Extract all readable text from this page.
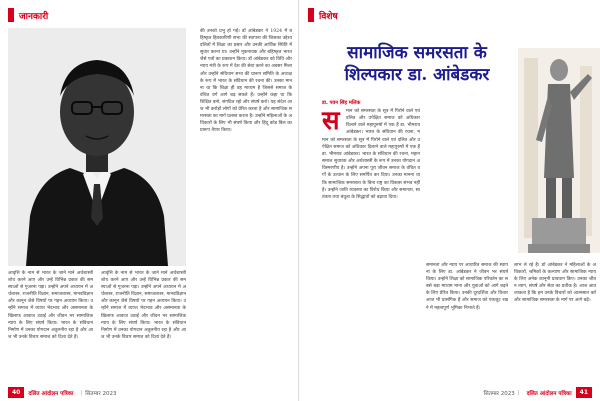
जानकारी
आवृत्ति के नाम से भारत के जाने माने अर्थशास्त्री शोध करने आए और उन्हें विभिन्न प्रकार की समस्याओं से गुजरना पड़ा। उन्होंने अपने अध्ययन में अर्थशास्त्र, राजनीति विज्ञान, समाजशास्त्र, मानवविज्ञान और कानून जैसे विषयों पर गहन अध्ययन किया। उन्होंने समाज में व्याप्त भेदभाव और असमानता के खिलाफ आवाज उठाई और जीवन भर सामाजिक न्याय के लिए संघर्ष किया। भारत के संविधान निर्माण में उनका योगदान अतुलनीय रहा है और आज भी उनके विचार समाज को दिशा देते हैं।
आवृत्ति के नाम से भारत के जाने माने अर्थशास्त्री शोध करने आए और उन्हें विभिन्न प्रकार की समस्याओं से गुजरना पड़ा। उन्होंने अपने अध्ययन में अर्थशास्त्र, राजनीति विज्ञान, समाजशास्त्र, मानवविज्ञान और कानून जैसे विषयों पर गहन अध्ययन किया। उन्होंने समाज में व्याप्त भेदभाव और असमानता के खिलाफ आवाज उठाई और जीवन भर सामाजिक न्याय के लिए संघर्ष किया। भारत के संविधान निर्माण में उनका योगदान अतुलनीय रहा है और आज भी उनके विचार समाज को दिशा देते हैं।
की उनको प्रभु हो गई। डॉ आंबेडकर ने 1924 में बहिष्कृत हितकारिणी सभा की स्थापना की जिसका उद्देश्य दलितों में शिक्षा का प्रसार और उनकी आर्थिक स्थिति में सुधार करना था। उन्होंने मूकनायक और बहिष्कृत भारत जैसे पत्रों का प्रकाशन किया। डॉ आंबेडकर को विधि और न्याय मंत्री के रूप में देश की सेवा करने का अवसर मिला और उन्होंने संविधान सभा की प्रारूप समिति के अध्यक्ष के रूप में भारत के संविधान की रचना की। उनका मानना था कि शिक्षा ही वह माध्यम है जिससे समाज के वंचित वर्ग आगे बढ़ सकते हैं। उन्होंने कहा था कि शिक्षित बनो, संगठित रहो और संघर्ष करो। यह संदेश आज भी करोड़ों लोगों को प्रेरित करता है और सामाजिक समरसता का मार्ग प्रशस्त करता है। उन्होंने महिलाओं के अधिकारों के लिए भी संघर्ष किया और हिंदू कोड बिल का प्रारूप तैयार किया।
40	दलित आंदोलन पत्रिका | सितम्बर 2023
विशेष
सामाजिक समरसता के
शिल्पकार डा. आंबेडकर
डा. पवन सिंह मलिक
स	मान को समरसता के सूत्र में पिरोने वाले एवं दलित और उपेक्षित समाज को अधिकार दिलाने वाले महापुरुषों में एक हैं डा. भीमराव आंबेडकर। भारत के संविधान की रचना, म
मान को समरसता के सूत्र में पिरोने वाले एवं दलित और उपेक्षित समाज को अधिकार दिलाने वाले महापुरुषों में एक हैं डा. भीमराव आंबेडकर। भारत के संविधान की रचना, महान समाज सुधारक और अर्थशास्त्री के रूप में उनका योगदान अविस्मरणीय है। उन्होंने अपना पूरा जीवन समाज के वंचित वर्गों के उत्थान के लिए समर्पित कर दिया। उनका मानना था कि सामाजिक समरसता के बिना राष्ट्र का विकास संभव नहीं है। उन्होंने जाति व्यवस्था का विरोध किया और समानता, स्वतंत्रता तथा बंधुत्व के सिद्धांतों को बढ़ावा दिया।
समानता और न्याय पर आधारित समाज की स्थापना के लिए डा. आंबेडकर ने जीवन भर संघर्ष किया। उन्होंने शिक्षा को सामाजिक परिवर्तन का सबसे बड़ा माध्यम माना और युवाओं को आगे बढ़ने के लिए प्रेरित किया। उनकी दूरदर्शिता और विचार आज भी प्रासंगिक हैं और समाज को एकजुट रखने में महत्वपूर्ण भूमिका निभाते हैं।
लाभ ले रहे हैं। डॉ आंबेडकर ने महिलाओं के अधिकारों, श्रमिकों के कल्याण और सामाजिक न्याय के लिए अनेक कानूनी प्रावधान किए। उनका जीवन त्याग, संघर्ष और सेवा का प्रतीक है। आज आवश्यकता है कि हम उनके विचारों को आत्मसात करें और सामाजिक समरसता के मार्ग पर आगे बढ़ें।
सितम्बर 2023 | दलित आंदोलन पत्रिका	41
